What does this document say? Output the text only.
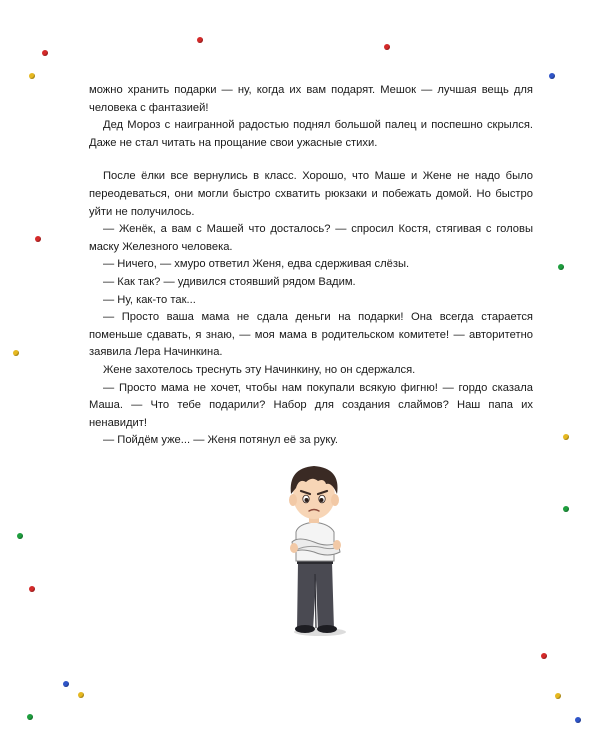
можно хранить подарки — ну, когда их вам подарят. Мешок — лучшая вещь для человека с фантазией!

Дед Мороз с наигранной радостью поднял большой палец и поспешно скрылся. Даже не стал читать на прощание свои ужасные стихи.

После ёлки все вернулись в класс. Хорошо, что Маше и Жене не надо было переодеваться, они могли быстро схватить рюкзаки и побежать домой. Но быстро уйти не получилось.

— Женёк, а вам с Машей что досталось? — спросил Костя, стягивая с головы маску Железного человека.

— Ничего, — хмуро ответил Женя, едва сдерживая слёзы.

— Как так? — удивился стоявший рядом Вадим.

— Ну, как-то так...

— Просто ваша мама не сдала деньги на подарки! Она всегда старается поменьше сдавать, я знаю, — моя мама в родительском комитете! — авторитетно заявила Лера Начинкина.

Жене захотелось треснуть эту Начинкину, но он сдержался.

— Просто мама не хочет, чтобы нам покупали всякую фигню! — гордо сказала Маша. — Что тебе подарили? Набор для создания слаймов? Наш папа их ненавидит!

— Пойдём уже... — Женя потянул её за руку.
